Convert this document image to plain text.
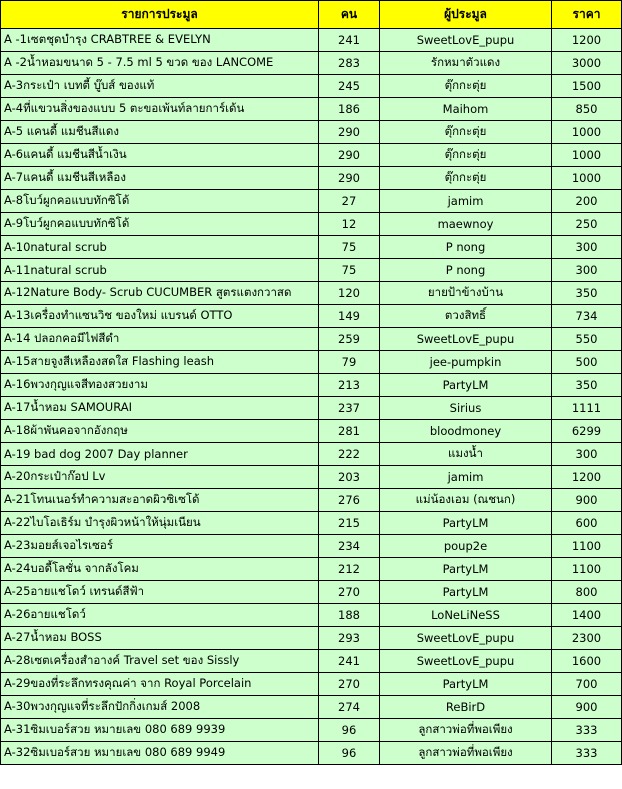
รายการประมูล	คน	ผู้ประมูล	ราคา
A -1เซตชุดบำรุง CRABTREE & EVELYN	241	SweetLovE_pupu	1200
A -2น้ำหอมขนาด 5 - 7.5 ml 5 ขวด ของ LANCOME	283	รักหมาตัวแดง	3000
A-3กระเป๋า เบทตี้ บู๊บส์ ของแท้	245	ตุ๊กกะตุ่ย	1500
A-4ที่แขวนสิ่งของแบบ 5 ตะขอเพ้นท์ลายการ์เด้น	186	Maihom	850
A-5 แคนดี้ แมชีนสีแดง	290	ตุ๊กกะตุ่ย	1000
A-6แคนดี้ แมชีนสีน้ำเงิน	290	ตุ๊กกะตุ่ย	1000
A-7แคนดี้ แมชีนสีเหลือง	290	ตุ๊กกะตุ่ย	1000
A-8โบว์ผูกคอแบบทักซิโด้	27	jamim	200
A-9โบว์ผูกคอแบบทักซิโด้	12	maewnoy	250
A-10natural scrub	75	P nong	300
A-11natural scrub	75	P nong	300
A-12Nature Body- Scrub CUCUMBER สูตรแตงกวาสด	120	ยายป้าข้างบ้าน	350
A-13เครื่องทำแซนวิช ของใหม่ แบรนด์ OTTO	149	ตวงสิทธิ์	734
A-14 ปลอกคอมีไฟสีดำ	259	SweetLovE_pupu	550
A-15สายจูงสีเหลืองสดใส Flashing leash	79	jee-pumpkin	500
A-16พวงกุญแจสีทองสวยงาม	213	PartyLM	350
A-17น้ำหอม SAMOURAI	237	Sirius	1111
A-18ผ้าพันคอจากอังกฤษ	281	bloodmoney	6299
A-19 bad dog 2007 Day planner	222	แมงน้ำ	300
A-20กระเป๋าก๊อป Lv	203	jamim	1200
A-21โทนเนอร์ทำความสะอาดผิวซิเซโด้	276	แม่น้องเอม (ณชนก)	900
A-22ไบโอเธิร์ม บำรุงผิวหน้าให้นุ่มเนียน	215	PartyLM	600
A-23มอยส์เจอไรเซอร์	234	poup2e	1100
A-24บอดี้โลชั่น จากลังโคม	212	PartyLM	1100
A-25อายแชโดว์ เทรนด์สีฟ้า	270	PartyLM	800
A-26อายแชโดว์	188	LoNeLiNeSS	1400
A-27น้ำหอม BOSS	293	SweetLovE_pupu	2300
A-28เซตเครื่องสำอางค์ Travel set ของ Sissly	241	SweetLovE_pupu	1600
A-29ของที่ระลึกทรงคุณค่า จาก Royal Porcelain	270	PartyLM	700
A-30พวงกุญแจที่ระลึกปักกิ่งเกมส์ 2008	274	ReBirD	900
A-31ซิมเบอร์สวย หมายเลข 080 689 9939	96	ลูกสาวพ่อที่พอเพียง	333
A-32ซิมเบอร์สวย หมายเลข 080 689 9949	96	ลูกสาวพ่อที่พอเพียง	333
